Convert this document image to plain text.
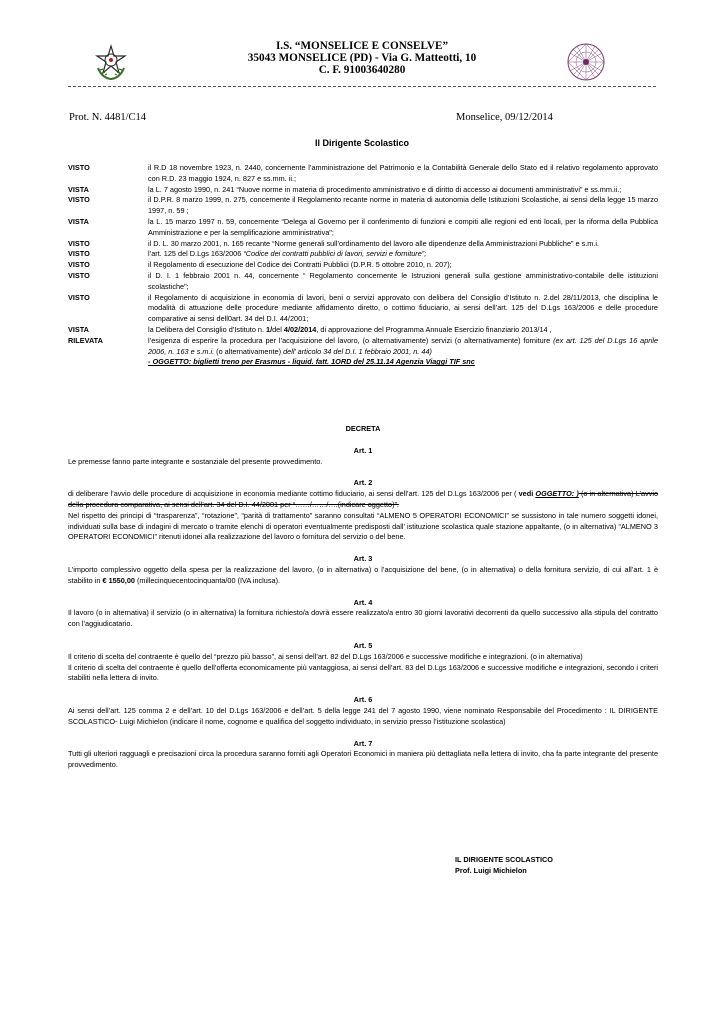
I.S. “MONSELICE E CONSELVE”
35043 MONSELICE (PD) - Via G. Matteotti, 10
C. F. 91003640280
Prot. N. 4481/C14	Monselice, 09/12/2014
Il Dirigente Scolastico
VISTO	il R.D 18 novembre 1923, n. 2440, concernente l’amministrazione del Patrimonio e la Contabilità Generale dello Stato ed il relativo regolamento approvato con R.D. 23 maggio 1924, n. 827 e ss.mm. ii.;
VISTA	la L. 7 agosto 1990, n. 241 “Nuove norme in materia di procedimento amministrativo e di diritto di accesso ai documenti amministrativi” e ss.mm.ii.;
VISTO	il D.P.R. 8 marzo 1999, n. 275, concernente il Regolamento recante norme in materia di autonomia delle Istituzioni Scolastiche, ai sensi della legge 15 marzo 1997, n. 59 ;
VISTA	la L. 15 marzo 1997 n. 59, concernente “Delega al Governo per il conferimento di funzioni e compiti alle regioni ed enti locali, per la riforma della Pubblica Amministrazione e per la semplificazione amministrativa";
VISTO	il D. L. 30 marzo 2001, n. 165 recante “Norme generali sull’ordinamento del lavoro alle dipendenze della Amministrazioni Pubbliche” e s.m.i.
VISTO	l’art. 125 del D.Lgs 163/2006 “Codice dei contratti pubblici di lavori, servizi e forniture”;
VISTO	il Regolamento di esecuzione del Codice dei Contratti Pubblici (D.P.R. 5 ottobre 2010, n. 207);
VISTO	il D. I. 1 febbraio 2001 n. 44, concernente “ Regolamento concernente le Istruzioni generali sulla gestione amministrativo-contabile delle istituzioni scolastiche";
VISTO	il Regolamento di acquisizione in economia di lavori, beni o servizi approvato con delibera del Consiglio d’Istituto n. 2.del 28/11/2013, che disciplina le modalità di attuazione delle procedure mediante affidamento diretto, o cottimo fiduciario, ai sensi dell’art. 125 del D.Lgs 163/2006 e delle procedure comparative ai sensi dell0art. 34 del D.I. 44/2001;
VISTA	la Delibera del Consiglio d’Istituto n. 1/del 4/02/2014, di approvazione del Programma Annuale Esercizio finanziario 2013/14 ,
RILEVATA	l’esigenza di esperire la procedura per l’acquisizione del lavoro, (o alternativamente) servizi (o alternativamente) forniture (ex art. 125 del D.Lgs 16 aprile 2006, n. 163 e s.m.i. (o alternativamente) dell’ articolo 34 del D.I. 1 febbraio 2001, n. 44)
- OGGETTO: biglietti treno per Erasmus - liquid. fatt. 1ORD del 25.11.14 Agenzia Viaggi TIF snc
DECRETA
Art. 1
Le premesse fanno parte integrante e sostanziale del presente provvedimento.
Art. 2
di deliberare l’avvio delle procedure di acquisizione in economia mediante cottimo fiduciario, ai sensi dell’art. 125 del D.Lgs 163/2006 per ( vedi OGGETTO: ) (o in alternativa) L’avvio della procedura comparativa, ai sensi dell’art. 34 del D.I. 44/2001 per “……/……/….(indicare oggetto)”.
Nel rispetto dei principi di “trasparenza”, “rotazione”, “parità di trattamento” saranno consultati “ALMENO 5 OPERATORI ECONOMICI” se sussistono in tale numero soggetti idonei, individuati sulla base di indagini di mercato o tramite elenchi di operatori eventualmente predisposti dall’ istituzione scolastica quale stazione appaltante, (o in alternativa) “ALMENO 3 OPERATORI ECONOMICI” ritenuti idonei alla realizzazione del lavoro o fornitura del servizio o del bene.
Art. 3
L’importo complessivo oggetto della spesa per la realizzazione del lavoro, (o in alternativa) o l’acquisizione del bene, (o in alternativa) o della fornitura servizio, di cui all’art. 1 è stabilito in € 1550,00 (millecinquecentocinquanta/00 (IVA inclusa).
Art. 4
Il lavoro (o in alternativa) il servizio (o in alternativa) la fornitura richiesto/a dovrà essere realizzato/a entro 30 giorni lavorativi decorrenti da quello successivo alla stipula del contratto con l’aggiudicatario.
Art. 5
Il criterio di scelta del contraente è quello del “prezzo più basso”, ai sensi dell’art. 82 del D.Lgs 163/2006 e successive modifiche e integrazioni. (o in alternativa)
Il criterio di scelta del contraente è quello dell’offerta economicamente più vantaggiosa, ai sensi dell’art. 83 del D.Lgs 163/2006 e successive modifiche e integrazioni, secondo i criteri stabiliti nella lettera di invito.
Art. 6
Ai sensi dell’art. 125 comma 2 e dell’art. 10 del D.Lgs 163/2006 e dell’art. 5 della legge 241 del 7 agosto 1990, viene nominato Responsabile del Procedimento : IL DIRIGENTE SCOLASTICO- Luigi Michielon (indicare il nome, cognome e qualifica del soggetto individuato, in servizio presso l’istituzione scolastica)
Art. 7
Tutti gli ulteriori ragguagli e precisazioni circa la procedura saranno forniti agli Operatori Economici in maniera più dettagliata nella lettera di invito, cha fa parte integrante del presente provvedimento.
IL DIRIGENTE SCOLASTICO
Prof. Luigi Michielon
